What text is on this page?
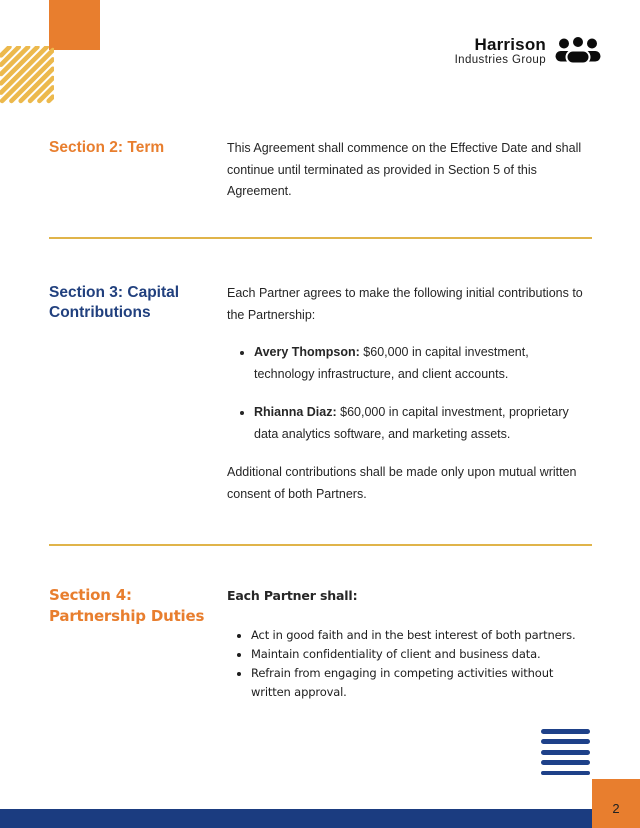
Harrison
Industries Group
Section 2: Term	This Agreement shall commence on the Effective Date and shall continue until terminated as provided in Section 5 of this Agreement.

Section 3: Capital
Contributions

Each Partner agrees to make the following initial contributions to the Partnership:

• Avery Thompson: $60,000 in capital investment, technology infrastructure, and client accounts.
• Rhianna Diaz: $60,000 in capital investment, proprietary data analytics software, and marketing assets.

Additional contributions shall be made only upon mutual written consent of both Partners.

Section 4:
Partnership Duties

Each Partner shall:

• Act in good faith and in the best interest of both partners.
• Maintain confidentiality of client and business data.
• Refrain from engaging in competing activities without written approval.
2
